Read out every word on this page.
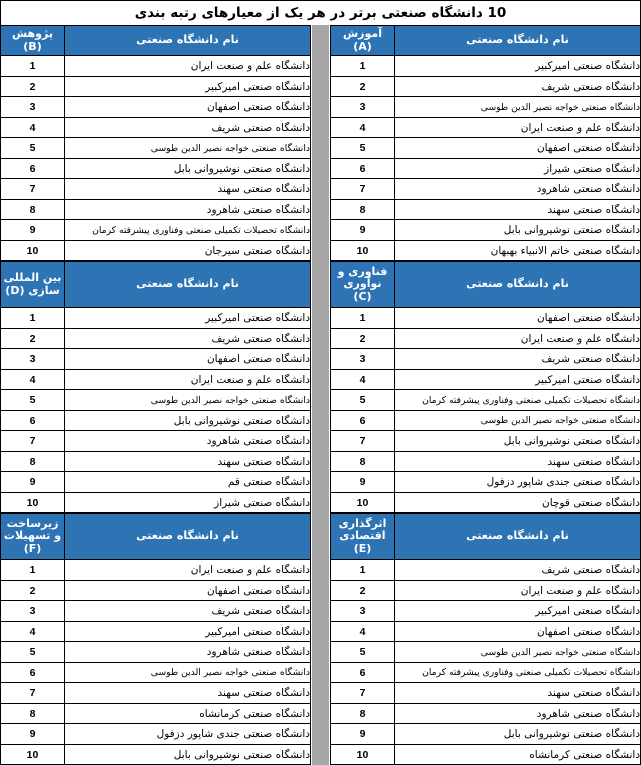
10 دانشگاه صنعتی برتر در هر یک از معیارهای رتبه بندی
نام دانشگاه صنعتی	آموزش (A)
دانشگاه صنعتی امیرکبیر	1
دانشگاه صنعتی شریف	2
دانشگاه صنعتی خواجه نصیر الدین طوسی	3
دانشگاه علم و صنعت ایران	4
دانشگاه صنعتی اصفهان	5
دانشگاه صنعتی شیراز	6
دانشگاه صنعتی شاهرود	7
دانشگاه صنعتی سهند	8
دانشگاه صنعتی نوشیروانی بابل	9
دانشگاه صنعتی خاتم الانبیاء بهبهان	10
نام دانشگاه صنعتی	پژوهش (B)
دانشگاه علم و صنعت ایران	1
دانشگاه صنعتی امیرکبیر	2
دانشگاه صنعتی اصفهان	3
دانشگاه صنعتی شریف	4
دانشگاه صنعتی خواجه نصیر الدین طوسی	5
دانشگاه صنعتی نوشیروانی بابل	6
دانشگاه صنعتی سهند	7
دانشگاه صنعتی شاهرود	8
دانشگاه تحصیلات تکمیلی صنعتی وفناوری پیشرفته کرمان	9
دانشگاه صنعتی سیرجان	10
نام دانشگاه صنعتی	فناوری و نوآوری (C)
دانشگاه صنعتی اصفهان	1
دانشگاه علم و صنعت ایران	2
دانشگاه صنعتی شریف	3
دانشگاه صنعتی امیرکبیر	4
دانشگاه تحصیلات تکمیلی صنعتی وفناوری پیشرفته کرمان	5
دانشگاه صنعتی خواجه نصیر الدین طوسی	6
دانشگاه صنعتی نوشیروانی بابل	7
دانشگاه صنعتی سهند	8
دانشگاه صنعتی جندی شاپور دزفول	9
دانشگاه صنعتی قوچان	10
نام دانشگاه صنعتی	بین المللی سازی (D)
دانشگاه صنعتی امیرکبیر	1
دانشگاه صنعتی شریف	2
دانشگاه صنعتی اصفهان	3
دانشگاه علم و صنعت ایران	4
دانشگاه صنعتی خواجه نصیر الدین طوسی	5
دانشگاه صنعتی نوشیروانی بابل	6
دانشگاه صنعتی شاهرود	7
دانشگاه صنعتی سهند	8
دانشگاه صنعتی قم	9
دانشگاه صنعتی شیراز	10
نام دانشگاه صنعتی	اثرگذاری اقتصادی (E)
دانشگاه صنعتی شریف	1
دانشگاه علم و صنعت ایران	2
دانشگاه صنعتی امیرکبیر	3
دانشگاه صنعتی اصفهان	4
دانشگاه صنعتی خواجه نصیر الدین طوسی	5
دانشگاه تحصیلات تکمیلی صنعتی وفناوری پیشرفته کرمان	6
دانشگاه صنعتی سهند	7
دانشگاه صنعتی شاهرود	8
دانشگاه صنعتی نوشیروانی بابل	9
دانشگاه صنعتی کرمانشاه	10
نام دانشگاه صنعتی	زیرساخت و تسهیلات (F)
دانشگاه علم و صنعت ایران	1
دانشگاه صنعتی اصفهان	2
دانشگاه صنعتی شریف	3
دانشگاه صنعتی امیرکبیر	4
دانشگاه صنعتی شاهرود	5
دانشگاه صنعتی خواجه نصیر الدین طوسی	6
دانشگاه صنعتی سهند	7
دانشگاه صنعتی کرمانشاه	8
دانشگاه صنعتی جندی شاپور دزفول	9
دانشگاه صنعتی نوشیروانی بابل	10
